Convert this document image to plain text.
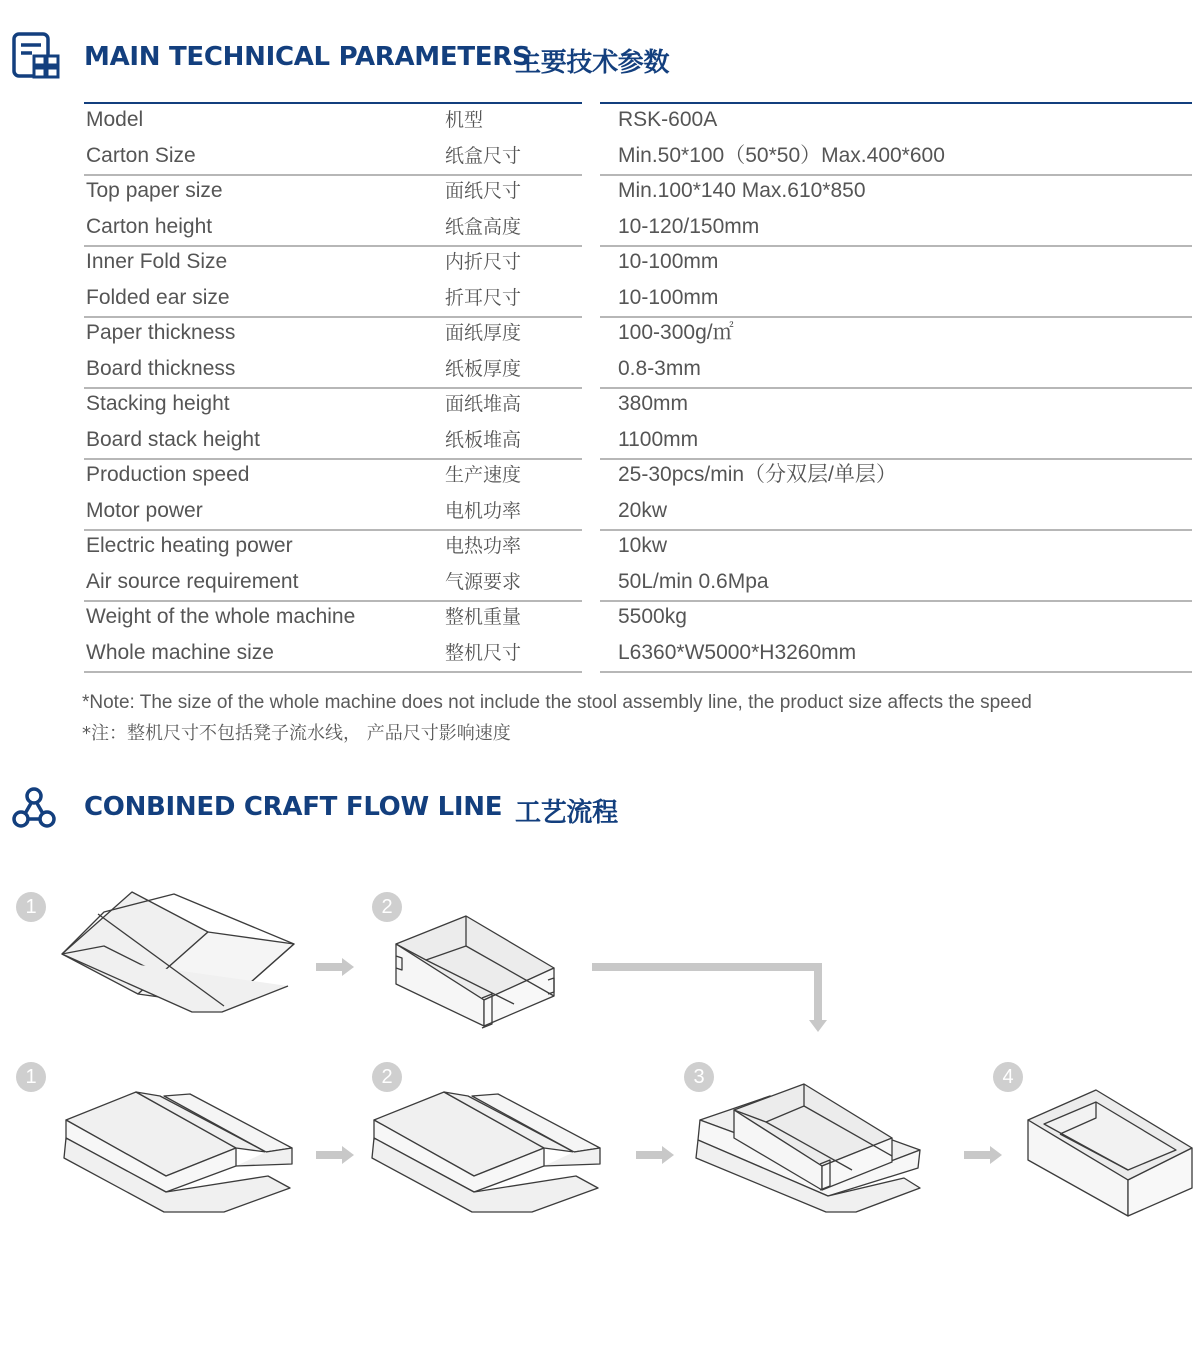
MAIN TECHNICAL PARAMETERS
主要技术参数
Model	机型	RSK-600A
Carton Size	纸盒尺寸	Min.50*100（50*50）Max.400*600
Top paper size	面纸尺寸	Min.100*140 Max.610*850
Carton height	纸盒高度	10-120/150mm
Inner Fold Size	内折尺寸	10-100mm
Folded ear size	折耳尺寸	10-100mm
Paper thickness	面纸厚度	100-300g/㎡
Board thickness	纸板厚度	0.8-3mm
Stacking height	面纸堆高	380mm
Board stack height	纸板堆高	1100mm
Production speed	生产速度	25-30pcs/min（分双层/单层）
Motor power	电机功率	20kw
Electric heating power	电热功率	10kw
Air source requirement	气源要求	50L/min 0.6Mpa
Weight of the whole machine	整机重量	5500kg
Whole machine size	整机尺寸	L6360*W5000*H3260mm
*Note: The size of the whole machine does not include the stool assembly line, the product size affects the speed
*注：整机尺寸不包括凳子流水线， 产品尺寸影响速度
CONBINED CRAFT FLOW LINE 工艺流程
1	2
1	2	3	4
